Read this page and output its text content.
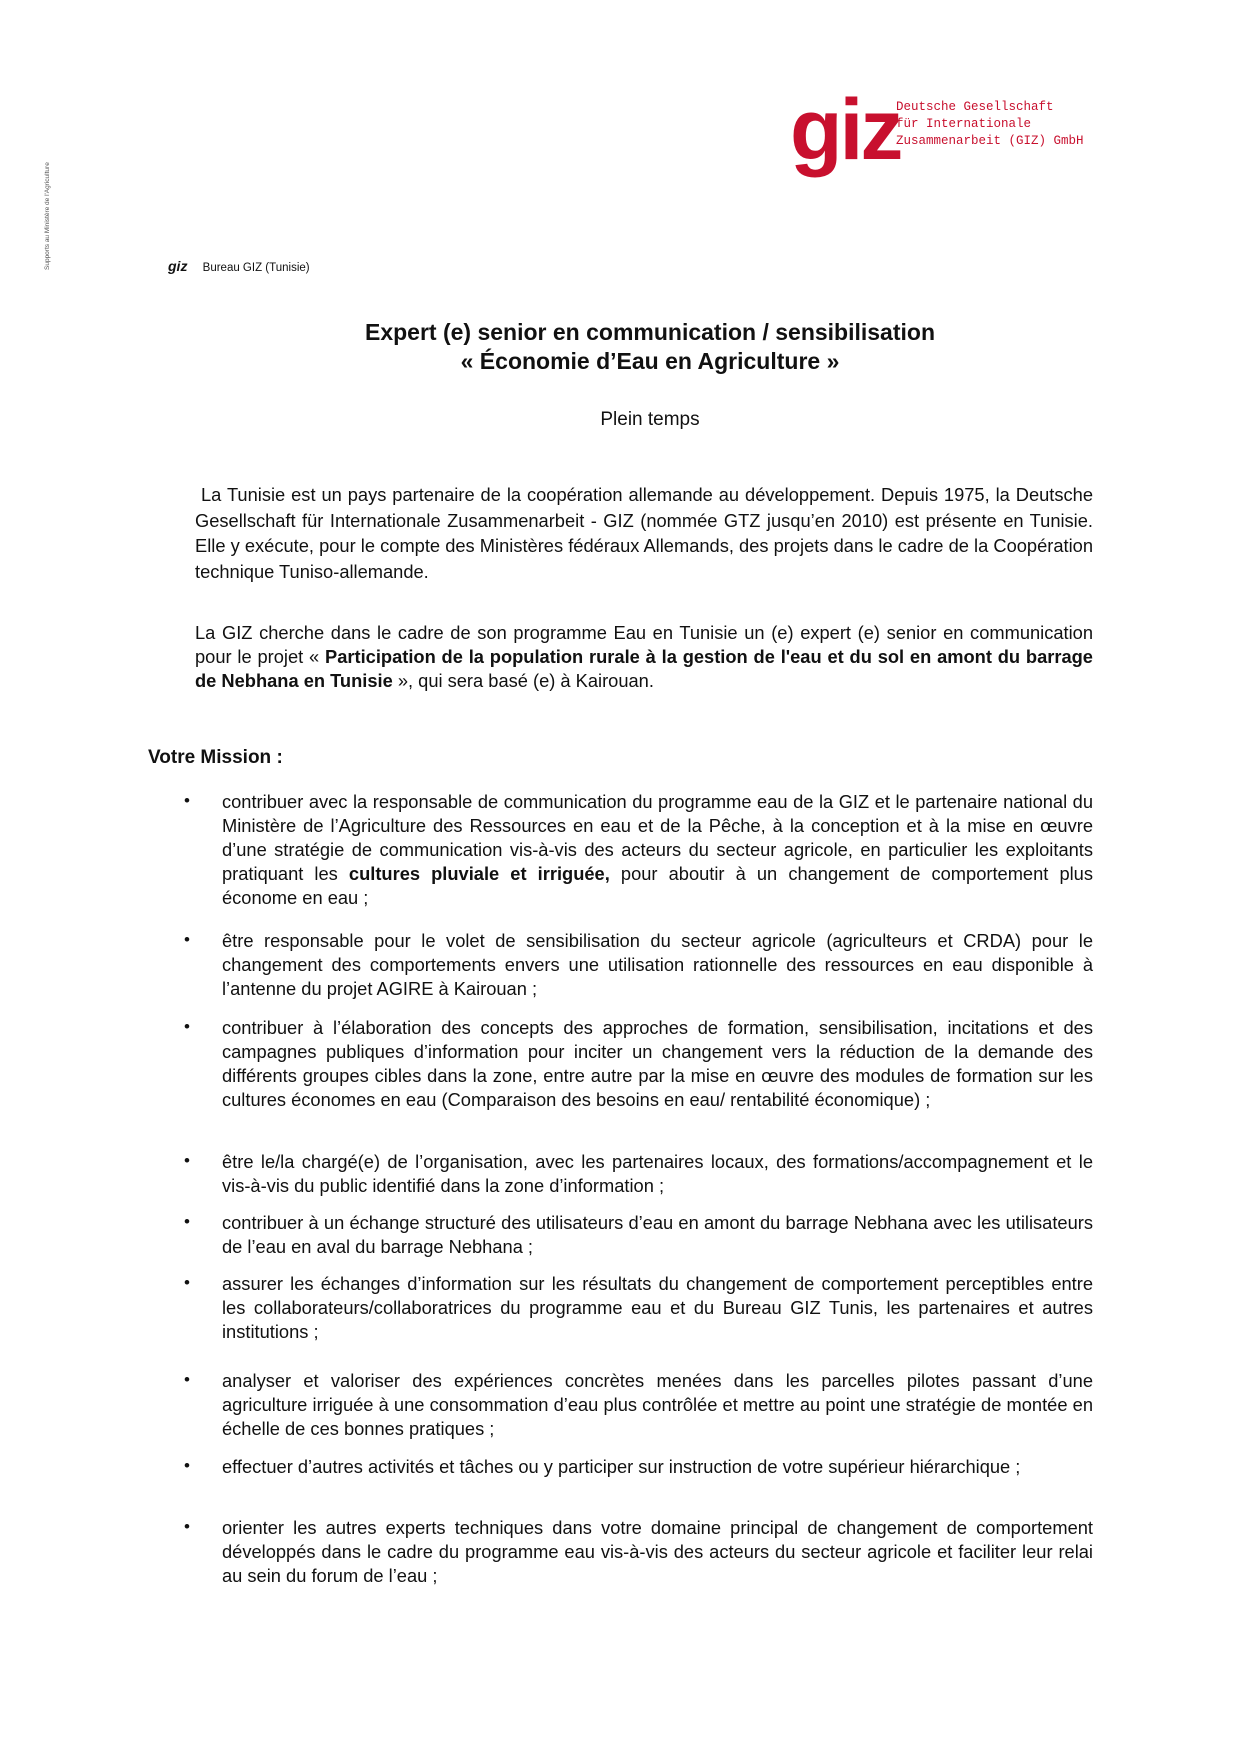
Supports au Ministère de l'Agriculture
giz
Deutsche Gesellschaft
für Internationale
Zusammenarbeit (GIZ) GmbH
giz Bureau GIZ (Tunisie)
Expert (e) senior en communication / sensibilisation
« Économie d’Eau en Agriculture »
Plein temps
La Tunisie est un pays partenaire de la coopération allemande au développement. Depuis 1975, la Deutsche Gesellschaft für Internationale Zusammenarbeit - GIZ (nommée GTZ jusqu’en 2010) est présente en Tunisie. Elle y exécute, pour le compte des Ministères fédéraux Allemands, des projets dans le cadre de la Coopération technique Tuniso-allemande.
La GIZ cherche dans le cadre de son programme Eau en Tunisie un (e) expert (e) senior en communication pour le projet « Participation de la population rurale à la gestion de l'eau et du sol en amont du barrage de Nebhana en Tunisie », qui sera basé (e) à Kairouan.
Votre Mission :
• contribuer avec la responsable de communication du programme eau de la GIZ et le partenaire national du Ministère de l’Agriculture des Ressources en eau et de la Pêche, à la conception et à la mise en œuvre d’une stratégie de communication vis-à-vis des acteurs du secteur agricole, en particulier les exploitants pratiquant les cultures pluviale et irriguée, pour aboutir à un changement de comportement plus économe en eau ;
• être responsable pour le volet de sensibilisation du secteur agricole (agriculteurs et CRDA) pour le changement des comportements envers une utilisation rationnelle des ressources en eau disponible à l’antenne du projet AGIRE à Kairouan ;
• contribuer à l’élaboration des concepts des approches de formation, sensibilisation, incitations et des campagnes publiques d’information pour inciter un changement vers la réduction de la demande des différents groupes cibles dans la zone, entre autre par la mise en œuvre des modules de formation sur les cultures économes en eau (Comparaison des besoins en eau/ rentabilité économique) ;
• être le/la chargé(e) de l’organisation, avec les partenaires locaux, des formations/accompagnement et le vis-à-vis du public identifié dans la zone d’information ;
• contribuer à un échange structuré des utilisateurs d’eau en amont du barrage Nebhana avec les utilisateurs de l’eau en aval du barrage Nebhana ;
• assurer les échanges d’information sur les résultats du changement de comportement perceptibles entre les collaborateurs/collaboratrices du programme eau et du Bureau GIZ Tunis, les partenaires et autres institutions ;
• analyser et valoriser des expériences concrètes menées dans les parcelles pilotes passant d’une agriculture irriguée à une consommation d’eau plus contrôlée et mettre au point une stratégie de montée en échelle de ces bonnes pratiques ;
• effectuer d’autres activités et tâches ou y participer sur instruction de votre supérieur hiérarchique ;
• orienter les autres experts techniques dans votre domaine principal de changement de comportement développés dans le cadre du programme eau vis-à-vis des acteurs du secteur agricole et faciliter leur relai au sein du forum de l’eau ;
